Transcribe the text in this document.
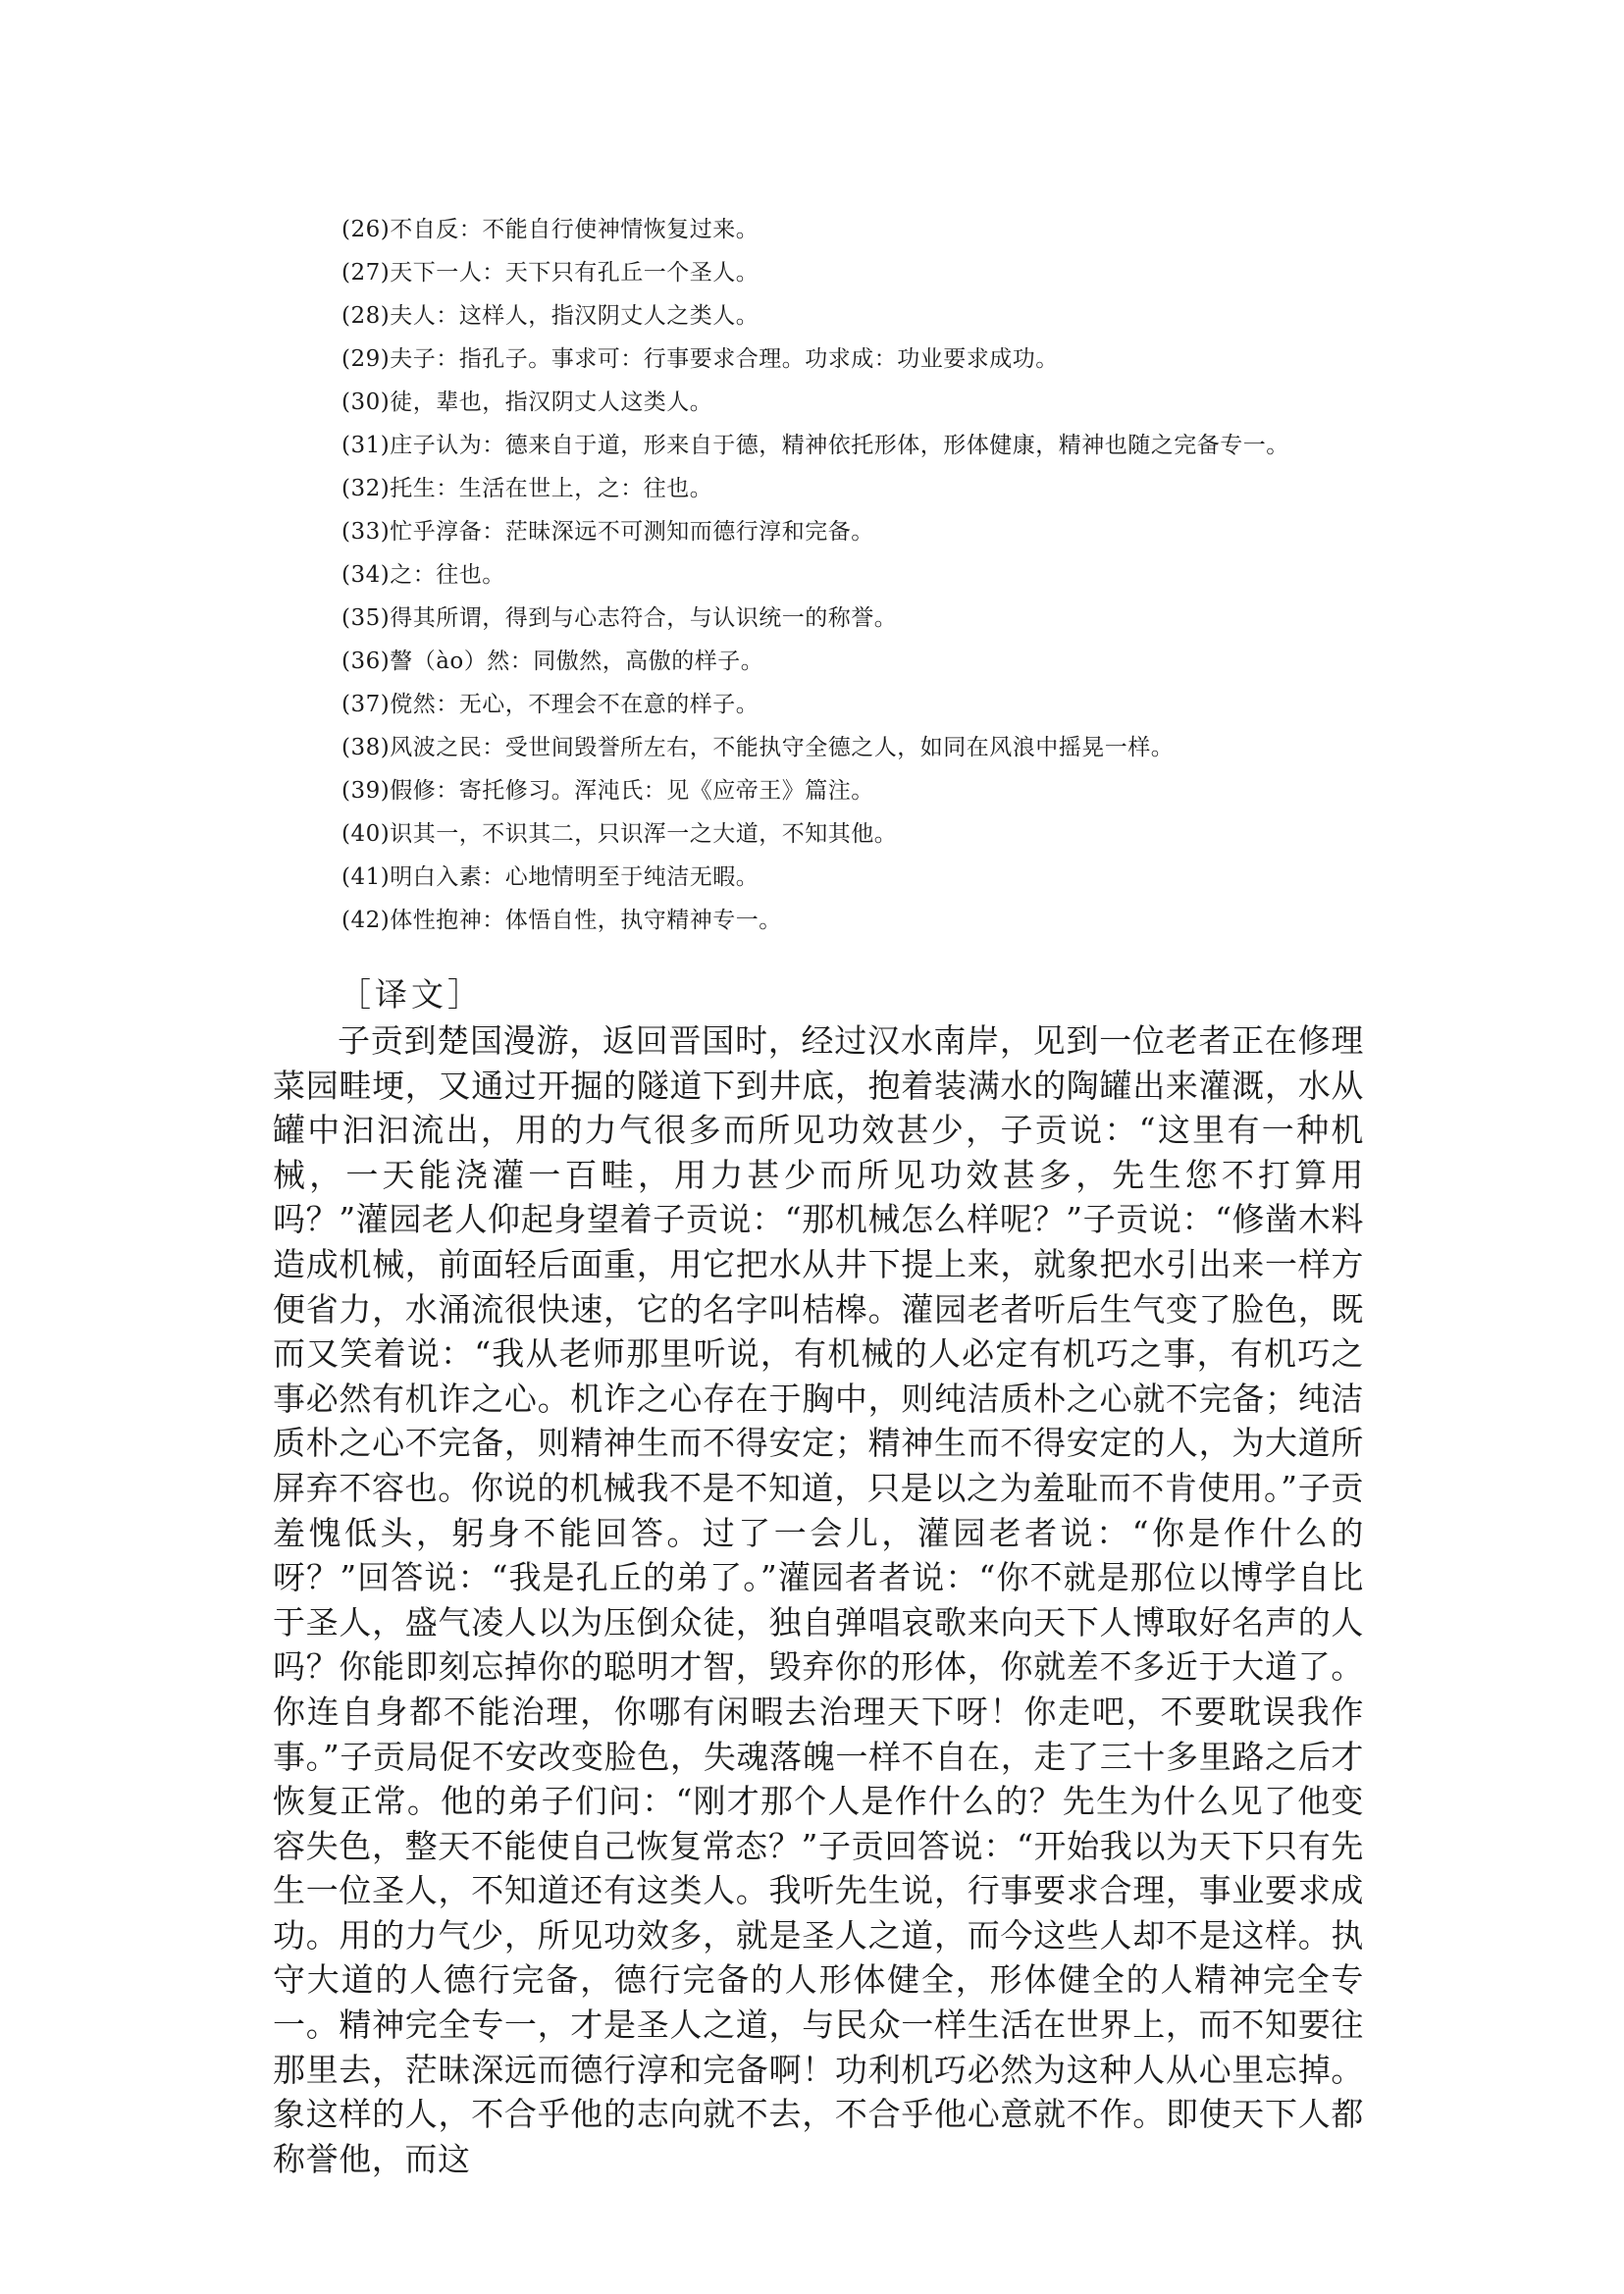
(26)不自反：不能自行使神情恢复过来。
(27)天下一人：天下只有孔丘一个圣人。
(28)夫人：这样人，指汉阴丈人之类人。
(29)夫子：指孔子。事求可：行事要求合理。功求成：功业要求成功。
(30)徒，辈也，指汉阴丈人这类人。
(31)庄子认为：德来自于道，形来自于德，精神依托形体，形体健康，精神也随之完备专一。
(32)托生：生活在世上，之：往也。
(33)忙乎淳备：茫昧深远不可测知而德行淳和完备。
(34)之：往也。
(35)得其所谓，得到与心志符合，与认识统一的称誉。
(36)謷（ào）然：同傲然，高傲的样子。
(37)傥然：无心，不理会不在意的样子。
(38)风波之民：受世间毁誉所左右，不能执守全德之人，如同在风浪中摇晃一样。
(39)假修：寄托修习。浑沌氏：见《应帝王》篇注。
(40)识其一，不识其二，只识浑一之大道，不知其他。
(41)明白入素：心地情明至于纯洁无暇。
(42)体性抱神：体悟自性，执守精神专一。
［译文］

子贡到楚国漫游，返回晋国时，经过汉水南岸，见到一位老者正在修理菜园畦埂，又通过开掘的隧道下到井底，抱着装满水的陶罐出来灌溉，水从罐中汩汩流出，用的力气很多而所见功效甚少，子贡说：“这里有一种机械，一天能浇灌一百畦，用力甚少而所见功效甚多，先生您不打算用吗？”灌园老人仰起身望着子贡说：“那机械怎么样呢？”子贡说：“修凿木料造成机械，前面轻后面重，用它把水从井下提上来，就象把水引出来一样方便省力，水涌流很快速，它的名字叫桔槔。灌园老者听后生气变了脸色，既而又笑着说：“我从老师那里听说，有机械的人必定有机巧之事，有机巧之事必然有机诈之心。机诈之心存在于胸中，则纯洁质朴之心就不完备；纯洁质朴之心不完备，则精神生而不得安定；精神生而不得安定的人，为大道所屏弃不容也。你说的机械我不是不知道，只是以之为羞耻而不肯使用。”子贡羞愧低头，躬身不能回答。过了一会儿，灌园老者说：“你是作什么的呀？”回答说：“我是孔丘的弟了。”灌园者者说：“你不就是那位以博学自比于圣人，盛气凌人以为压倒众徒，独自弹唱哀歌来向天下人博取好名声的人吗？你能即刻忘掉你的聪明才智，毁弃你的形体，你就差不多近于大道了。你连自身都不能治理，你哪有闲暇去治理天下呀！你走吧，不要耽误我作事。”子贡局促不安改变脸色，失魂落魄一样不自在，走了三十多里路之后才恢复正常。他的弟子们问：“刚才那个人是作什么的？先生为什么见了他变容失色，整天不能使自己恢复常态？”子贡回答说：“开始我以为天下只有先生一位圣人，不知道还有这类人。我听先生说，行事要求合理，事业要求成功。用的力气少，所见功效多，就是圣人之道，而今这些人却不是这样。执守大道的人德行完备，德行完备的人形体健全，形体健全的人精神完全专一。精神完全专一，才是圣人之道，与民众一样生活在世界上，而不知要往那里去，茫昧深远而德行淳和完备啊！功利机巧必然为这种人从心里忘掉。象这样的人，不合乎他的志向就不去，不合乎他心意就不作。即使天下人都称誉他，而这
